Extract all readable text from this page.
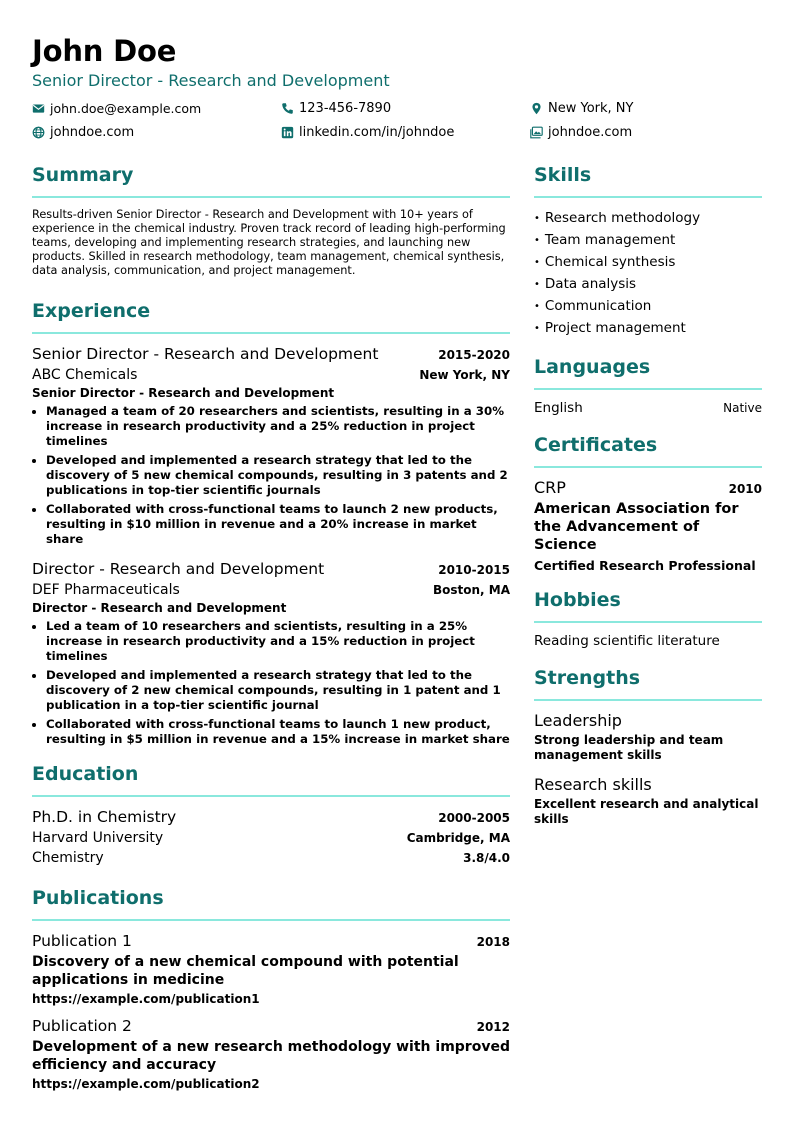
John Doe
Senior Director - Research and Development
john.doe@example.com	123-456-7890	New York, NY
johndoe.com	linkedin.com/in/johndoe	johndoe.com
Summary

Results-driven Senior Director - Research and Development with 10+ years of experience in the chemical industry. Proven track record of leading high-performing teams, developing and implementing research strategies, and launching new products. Skilled in research methodology, team management, chemical synthesis, data analysis, communication, and project management.

Experience
Senior Director - Research and Development	2015-2020
ABC Chemicals	New York, NY
Senior Director - Research and Development
• Managed a team of 20 researchers and scientists, resulting in a 30% increase in research productivity and a 25% reduction in project timelines
• Developed and implemented a research strategy that led to the discovery of 5 new chemical compounds, resulting in 3 patents and 2 publications in top-tier scientific journals
• Collaborated with cross-functional teams to launch 2 new products, resulting in $10 million in revenue and a 20% increase in market share
Director - Research and Development	2010-2015
DEF Pharmaceuticals	Boston, MA
Director - Research and Development
• Led a team of 10 researchers and scientists, resulting in a 25% increase in research productivity and a 15% reduction in project timelines
• Developed and implemented a research strategy that led to the discovery of 2 new chemical compounds, resulting in 1 patent and 1 publication in a top-tier scientific journal
• Collaborated with cross-functional teams to launch 1 new product, resulting in $5 million in revenue and a 15% increase in market share
Education
Ph.D. in Chemistry	2000-2005
Harvard University	Cambridge, MA
Chemistry	3.8/4.0
Publications
Publication 1	2018
Discovery of a new chemical compound with potential applications in medicine
https://example.com/publication1
Publication 2	2012
Development of a new research methodology with improved efficiency and accuracy
https://example.com/publication2
Skills
• Research methodology
• Team management
• Chemical synthesis
• Data analysis
• Communication
• Project management
Languages
English	Native
Certificates
CRP	2010
American Association for the Advancement of Science
Certified Research Professional
Hobbies
Reading scientific literature
Strengths
Leadership
Strong leadership and team management skills
Research skills
Excellent research and analytical skills
